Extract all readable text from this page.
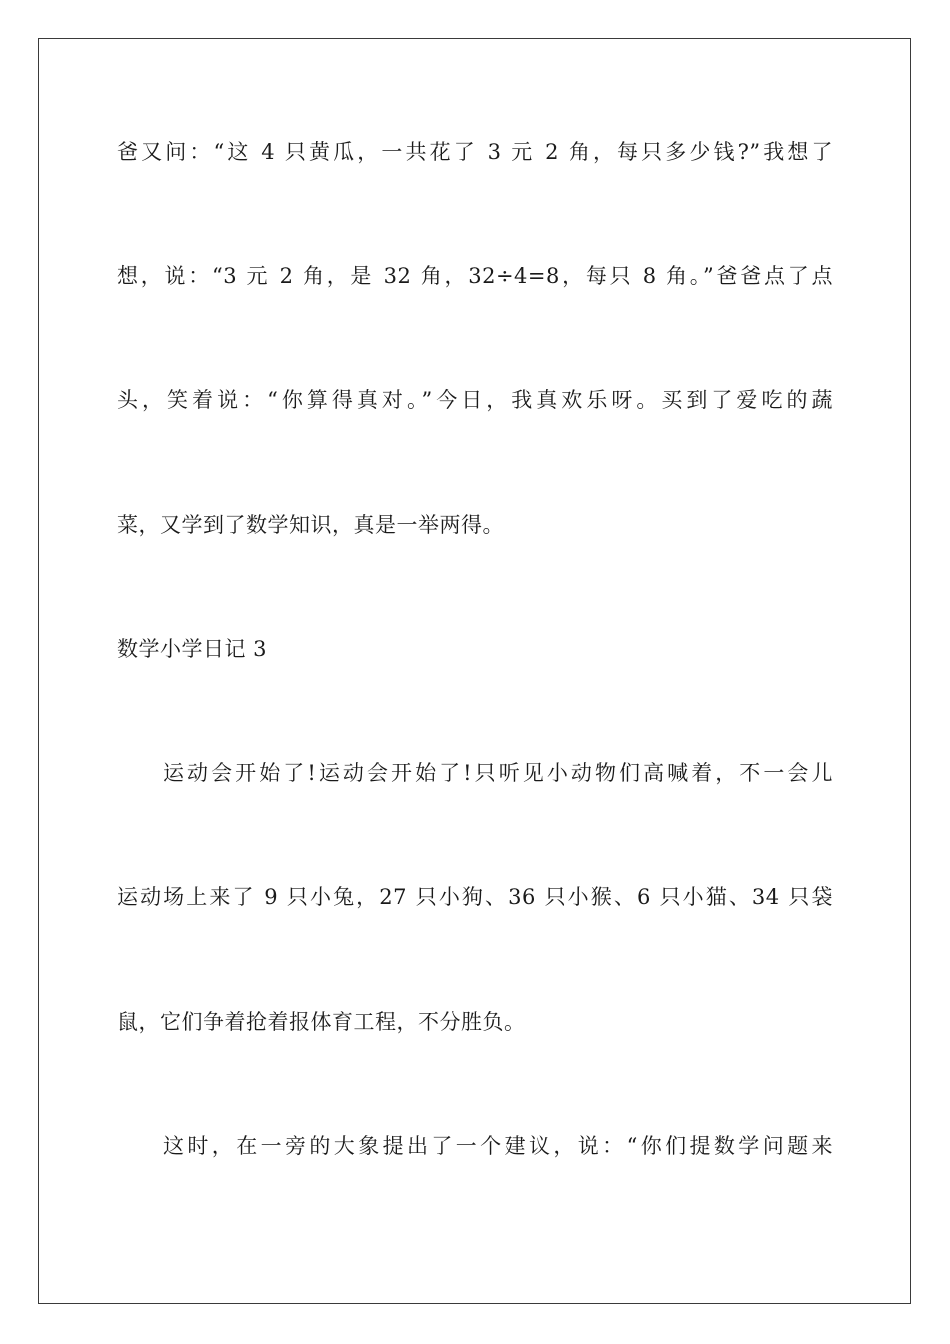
爸又问：“这 4 只黄瓜，一共花了 3 元 2 角，每只多少钱?”我想了
想，说：“3 元 2 角，是 32 角，32÷4=8，每只 8 角。”爸爸点了点
头，笑着说：“你算得真对。”今日，我真欢乐呀。买到了爱吃的蔬
菜，又学到了数学知识，真是一举两得。
数学小学日记 3
运动会开始了!运动会开始了!只听见小动物们高喊着，不一会儿
运动场上来了 9 只小兔，27 只小狗、36 只小猴、6 只小猫、34 只袋
鼠，它们争着抢着报体育工程，不分胜负。
这时，在一旁的大象提出了一个建议，说：“你们提数学问题来
